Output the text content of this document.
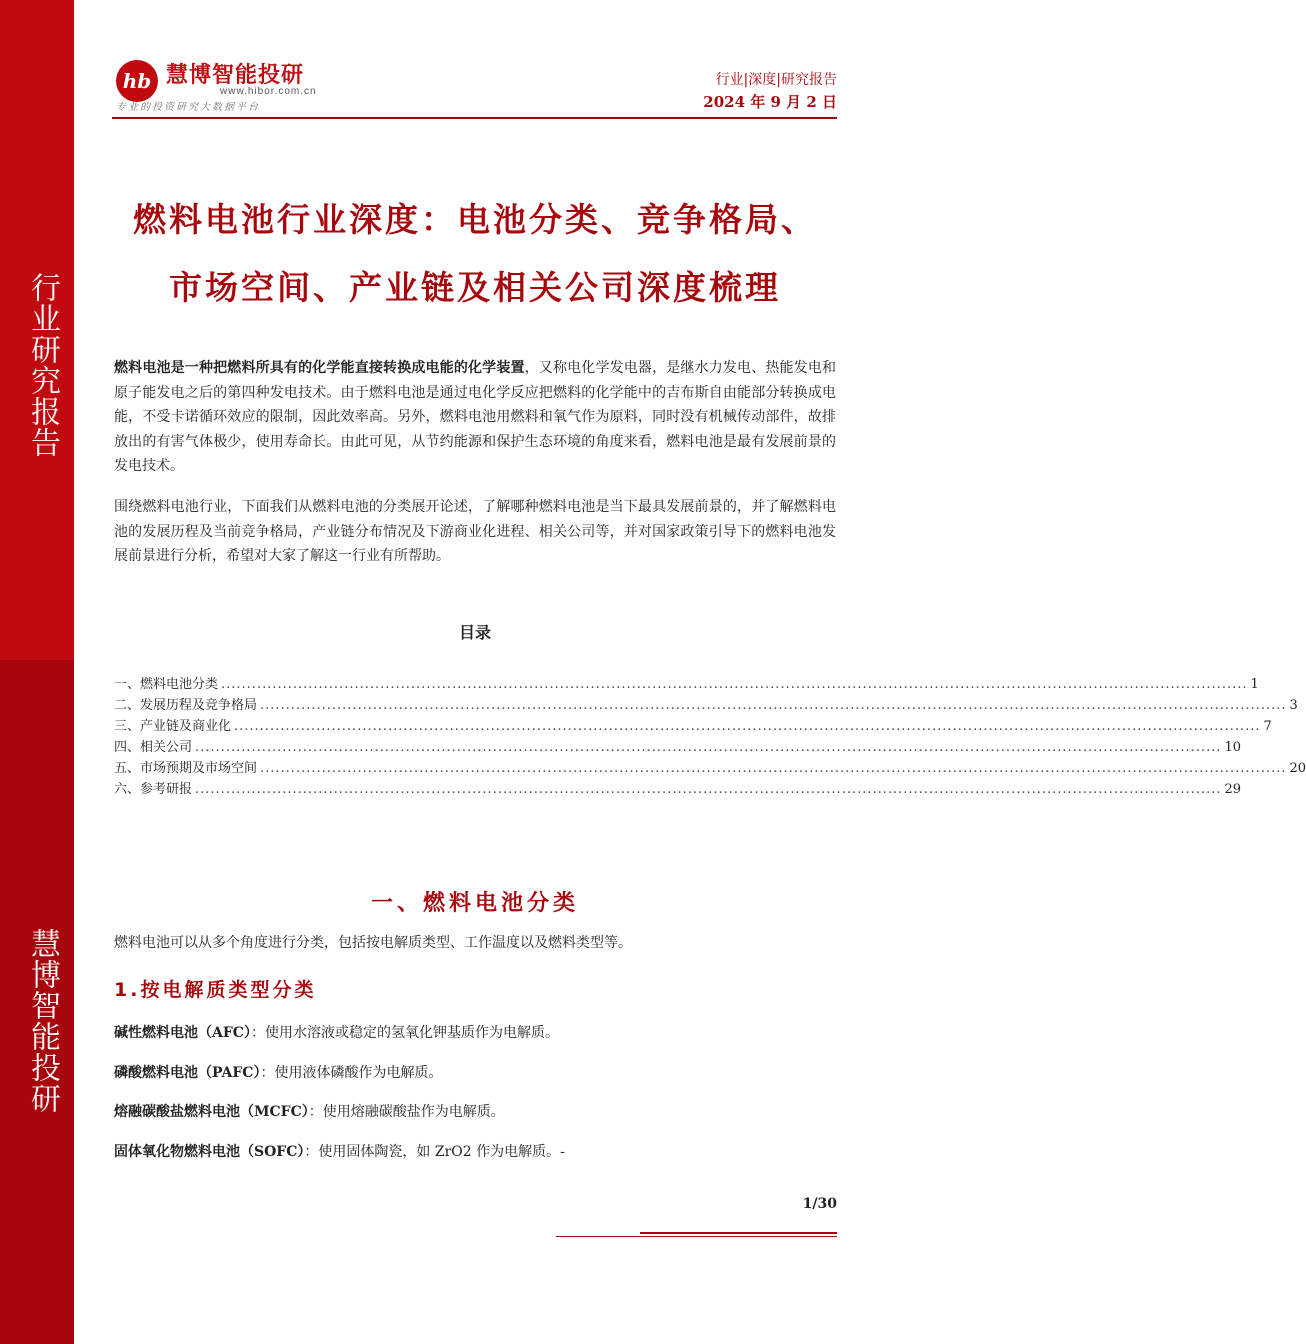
行业研究报告
慧博智能投研
hb 慧博智能投研
www.hibor.com.cn
专业的投资研究大数据平台
行业|深度|研究报告
2024 年 9 月 2 日
燃料电池行业深度：电池分类、竞争格局、
市场空间、产业链及相关公司深度梳理
燃料电池是一种把燃料所具有的化学能直接转换成电能的化学装置，又称电化学发电器，是继水力发电、热能发电和原子能发电之后的第四种发电技术。由于燃料电池是通过电化学反应把燃料的化学能中的吉布斯自由能部分转换成电能，不受卡诺循环效应的限制，因此效率高。另外，燃料电池用燃料和氧气作为原料，同时没有机械传动部件，故排放出的有害气体极少，使用寿命长。由此可见，从节约能源和保护生态环境的角度来看，燃料电池是最有发展前景的发电技术。
围绕燃料电池行业，下面我们从燃料电池的分类展开论述，了解哪种燃料电池是当下最具发展前景的，并了解燃料电池的发展历程及当前竞争格局，产业链分布情况及下游商业化进程、相关公司等，并对国家政策引导下的燃料电池发展前景进行分析，希望对大家了解这一行业有所帮助。
目录
一、燃料电池分类 ........................................................................................................................................................................................................ 1
二、发展历程及竞争格局 ........................................................................................................................................................................................................ 3
三、产业链及商业化 ........................................................................................................................................................................................................ 7
四、相关公司 ........................................................................................................................................................................................................ 10
五、市场预期及市场空间 ........................................................................................................................................................................................................ 20
六、参考研报 ........................................................................................................................................................................................................ 29
一、燃料电池分类
燃料电池可以从多个角度进行分类，包括按电解质类型、工作温度以及燃料类型等。
1.按电解质类型分类
碱性燃料电池（AFC）：使用水溶液或稳定的氢氧化钾基质作为电解质。
磷酸燃料电池（PAFC）：使用液体磷酸作为电解质。
熔融碳酸盐燃料电池（MCFC）：使用熔融碳酸盐作为电解质。
固体氧化物燃料电池（SOFC）：使用固体陶瓷，如 ZrO2 作为电解质。-
1/30
